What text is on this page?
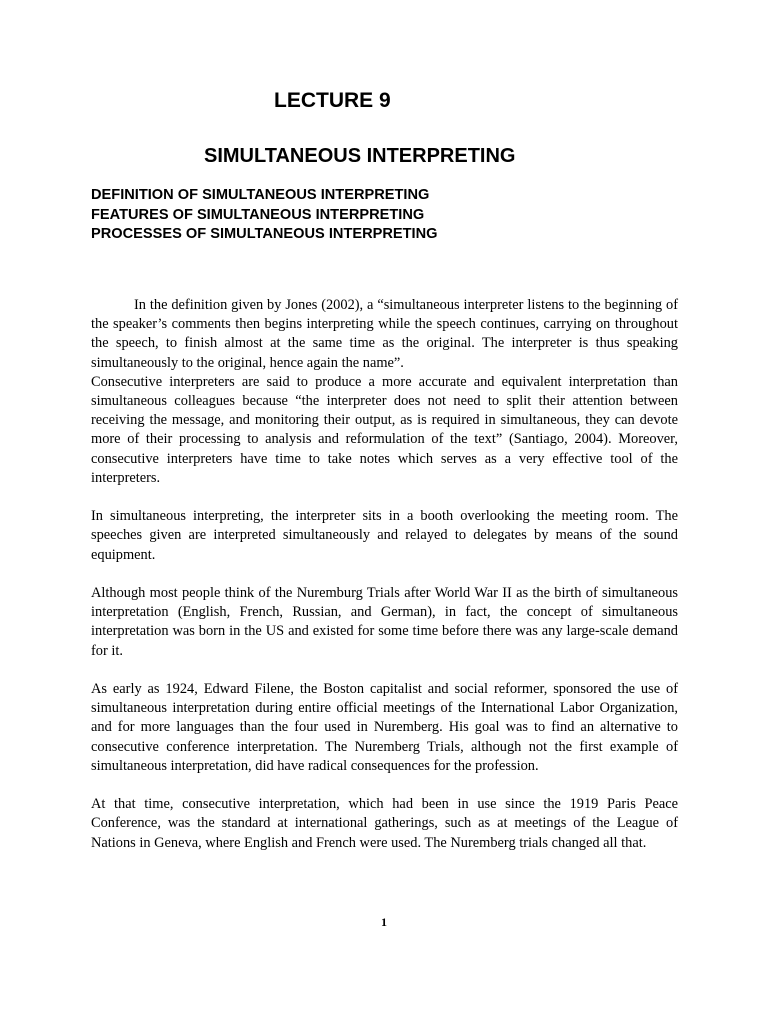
LECTURE 9
SIMULTANEOUS INTERPRETING
DEFINITION OF SIMULTANEOUS INTERPRETING
FEATURES OF SIMULTANEOUS INTERPRETING
PROCESSES OF SIMULTANEOUS INTERPRETING

In the definition given by Jones (2002), a “simultaneous interpreter listens to the beginning of the speaker’s comments then begins interpreting while the speech continues, carrying on throughout the speech, to finish almost at the same time as the original. The interpreter is thus speaking simultaneously to the original, hence again the name”.

Consecutive interpreters are said to produce a more accurate and equivalent interpretation than simultaneous colleagues because “the interpreter does not need to split their attention between receiving the message, and monitoring their output, as is required in simultaneous, they can devote more of their processing to analysis and reformulation of the text” (Santiago, 2004). Moreover, consecutive interpreters have time to take notes which serves as a very effective tool of the interpreters.

In simultaneous interpreting, the interpreter sits in a booth overlooking the meeting room. The speeches given are interpreted simultaneously and relayed to delegates by means of the sound equipment.

Although most people think of the Nuremburg Trials after World War II as the birth of simultaneous interpretation (English, French, Russian, and German), in fact, the concept of simultaneous interpretation was born in the US and existed for some time before there was any large-scale demand for it.

As early as 1924, Edward Filene, the Boston capitalist and social reformer, sponsored the use of simultaneous interpretation during entire official meetings of the International Labor Organization, and for more languages than the four used in Nuremberg. His goal was to find an alternative to consecutive conference interpretation. The Nuremberg Trials, although not the first example of simultaneous interpretation, did have radical consequences for the profession.

At that time, consecutive interpretation, which had been in use since the 1919 Paris Peace Conference, was the standard at international gatherings, such as at meetings of the League of Nations in Geneva, where English and French were used. The Nuremberg trials changed all that.

1
